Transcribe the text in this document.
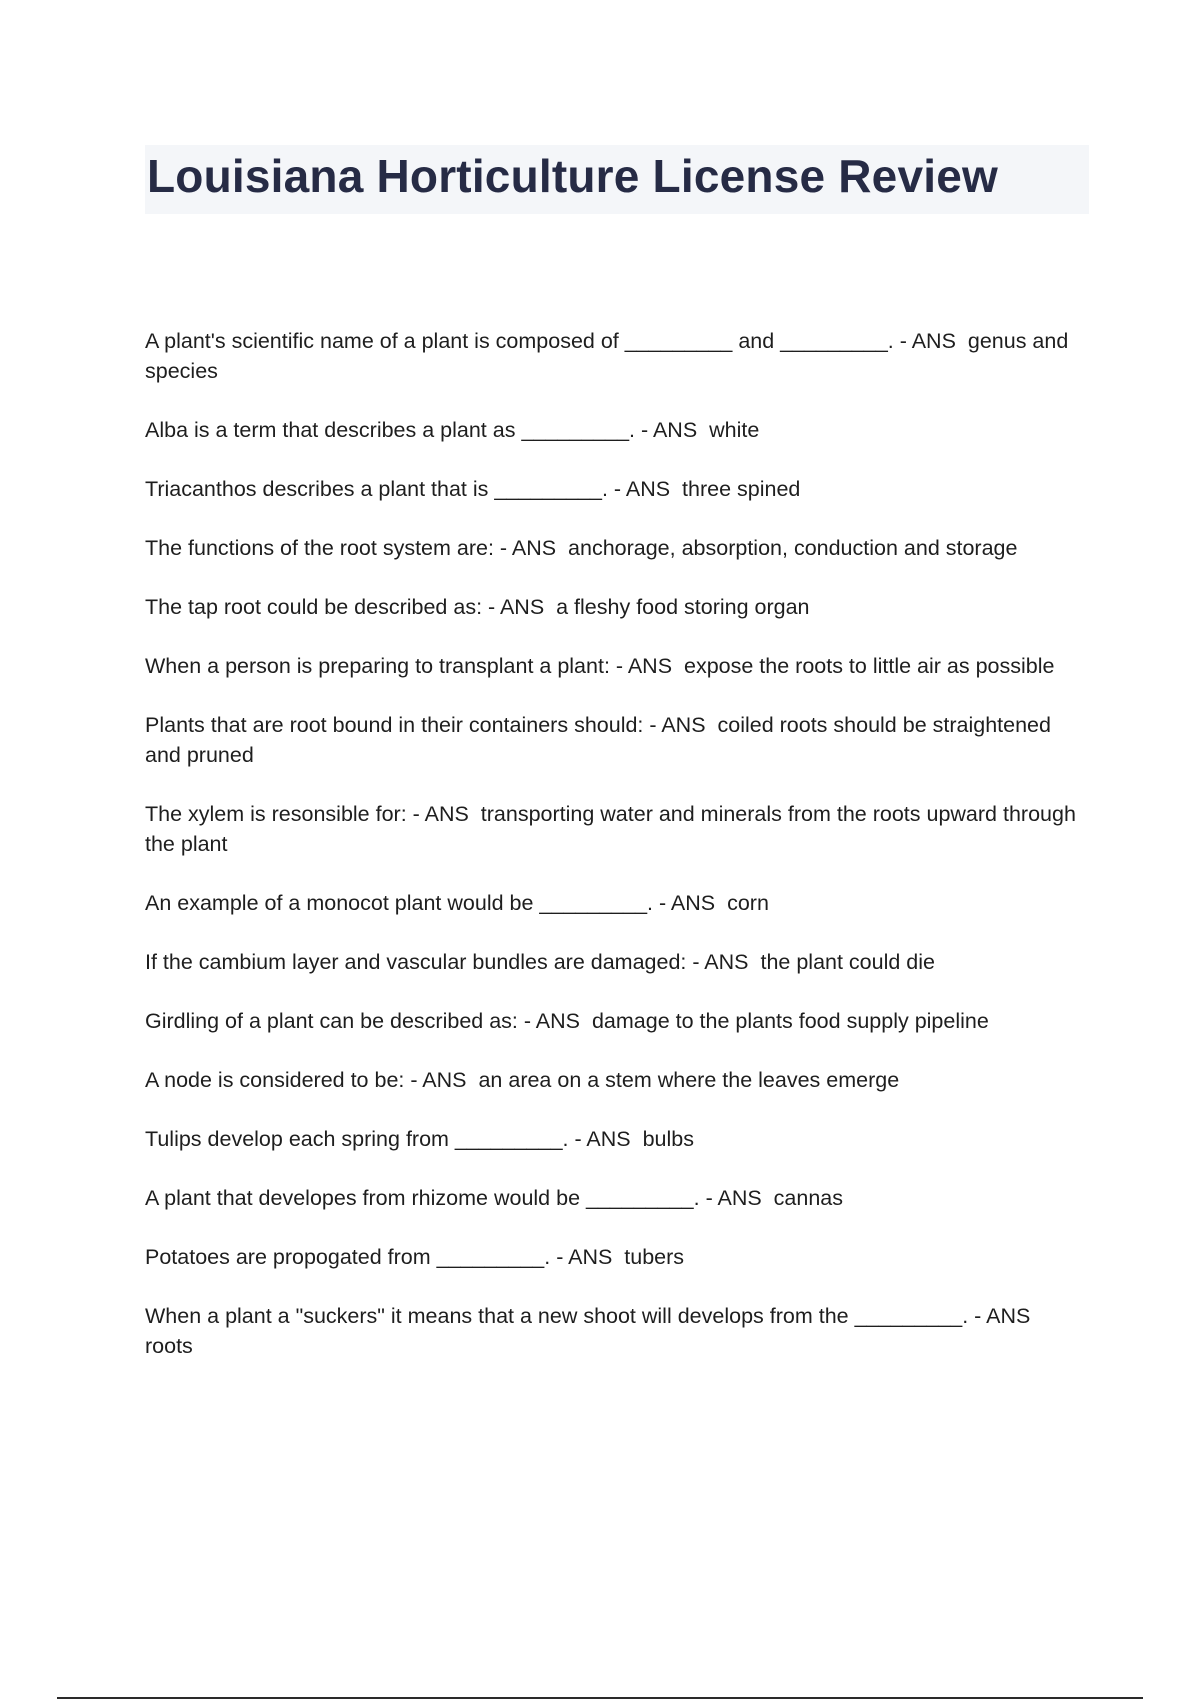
Louisiana Horticulture License Review
A plant's scientific name of a plant is composed of _________ and _________. - ANS  genus and species
Alba is a term that describes a plant as _________. - ANS  white
Triacanthos describes a plant that is _________. - ANS  three spined
The functions of the root system are: - ANS  anchorage, absorption, conduction and storage
The tap root could be described as: - ANS  a fleshy food storing organ
When a person is preparing to transplant a plant: - ANS  expose the roots to little air as possible
Plants that are root bound in their containers should: - ANS  coiled roots should be straightened and pruned
The xylem is resonsible for: - ANS  transporting water and minerals from the roots upward through the plant
An example of a monocot plant would be _________. - ANS  corn
If the cambium layer and vascular bundles are damaged: - ANS  the plant could die
Girdling of a plant can be described as: - ANS  damage to the plants food supply pipeline
A node is considered to be: - ANS  an area on a stem where the leaves emerge
Tulips develop each spring from _________. - ANS  bulbs
A plant that developes from rhizome would be _________. - ANS  cannas
Potatoes are propogated from _________. - ANS  tubers
When a plant a "suckers" it means that a new shoot will develops from the _________. - ANS  roots
